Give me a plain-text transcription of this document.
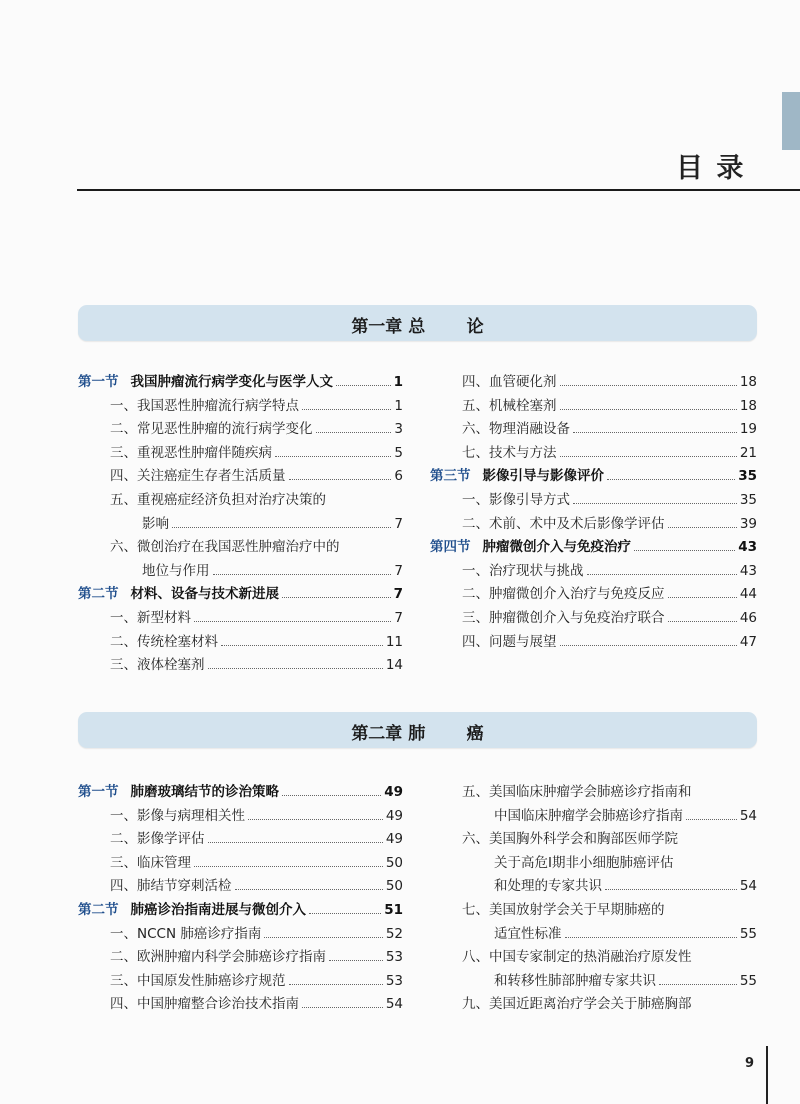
目 录
第一章 总       论
第一节 我国肿瘤流行病学变化与医学人文	1
一、我国恶性肿瘤流行病学特点	1
二、常见恶性肿瘤的流行病学变化	3
三、重视恶性肿瘤伴随疾病	5
四、关注癌症生存者生活质量	6
五、重视癌症经济负担对治疗决策的
影响	7
六、微创治疗在我国恶性肿瘤治疗中的
地位与作用	7
第二节 材料、设备与技术新进展	7
一、新型材料	7
二、传统栓塞材料	11
三、液体栓塞剂	14
四、血管硬化剂	18
五、机械栓塞剂	18
六、物理消融设备	19
七、技术与方法	21
第三节 影像引导与影像评价	35
一、影像引导方式	35
二、术前、术中及术后影像学评估	39
第四节 肿瘤微创介入与免疫治疗	43
一、治疗现状与挑战	43
二、肿瘤微创介入治疗与免疫反应	44
三、肿瘤微创介入与免疫治疗联合	46
四、问题与展望	47
第二章 肺       癌
第一节 肺磨玻璃结节的诊治策略	49
一、影像与病理相关性	49
二、影像学评估	49
三、临床管理	50
四、肺结节穿刺活检	50
第二节 肺癌诊治指南进展与微创介入	51
一、NCCN 肺癌诊疗指南	52
二、欧洲肿瘤内科学会肺癌诊疗指南	53
三、中国原发性肺癌诊疗规范	53
四、中国肿瘤整合诊治技术指南	54
五、美国临床肿瘤学会肺癌诊疗指南和
中国临床肿瘤学会肺癌诊疗指南	54
六、美国胸外科学会和胸部医师学院
关于高危Ⅰ期非小细胞肺癌评估
和处理的专家共识	54
七、美国放射学会关于早期肺癌的
适宜性标准	55
八、中国专家制定的热消融治疗原发性
和转移性肺部肿瘤专家共识	55
九、美国近距离治疗学会关于肺癌胸部
9
